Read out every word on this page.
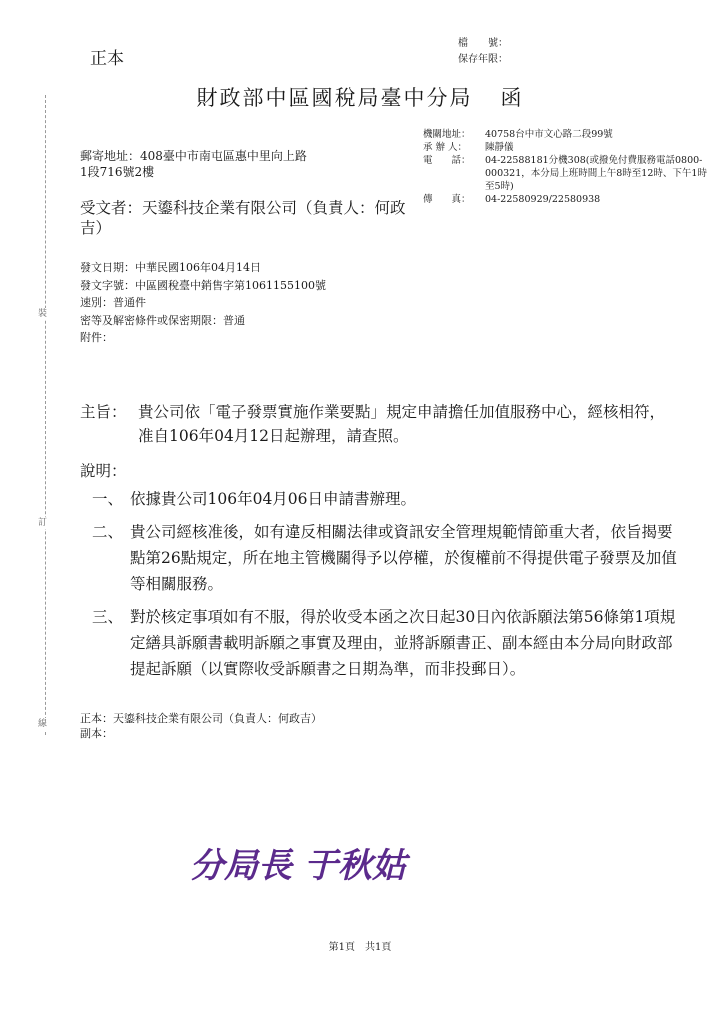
裝
訂
線
正本
檔　　號：
保存年限：
財政部中區國稅局臺中分局 函
郵寄地址：408臺中市南屯區惠中里向上路
1段716號2樓
機關地址：	40758台中市文心路二段99號
承 辦 人：	陳靜儀
電　　話：	04-22588181分機308(或撥免付費服務電話0800-000321，本分局上班時間上午8時至12時、下午1時至5時)
傳　　真：	04-22580929/22580938
受文者：天鎏科技企業有限公司（負責人：何政吉）
發文日期：中華民國106年04月14日
發文字號：中區國稅臺中銷售字第1061155100號
速別：普通件
密等及解密條件或保密期限：普通
附件：
主旨： 貴公司依「電子發票實施作業要點」規定申請擔任加值服務中心，經核相符，准自106年04月12日起辦理，請查照。
說明：
一、 依據貴公司106年04月06日申請書辦理。
二、 貴公司經核准後，如有違反相關法律或資訊安全管理規範情節重大者，依旨揭要點第26點規定，所在地主管機關得予以停權，於復權前不得提供電子發票及加值等相關服務。
三、 對於核定事項如有不服，得於收受本函之次日起30日內依訴願法第56條第1項規定繕具訴願書載明訴願之事實及理由，並將訴願書正、副本經由本分局向財政部提起訴願（以實際收受訴願書之日期為準，而非投郵日）。
正本：天鎏科技企業有限公司（負責人：何政吉）
副本：
分局長 于秋姑
第1頁　共1頁
